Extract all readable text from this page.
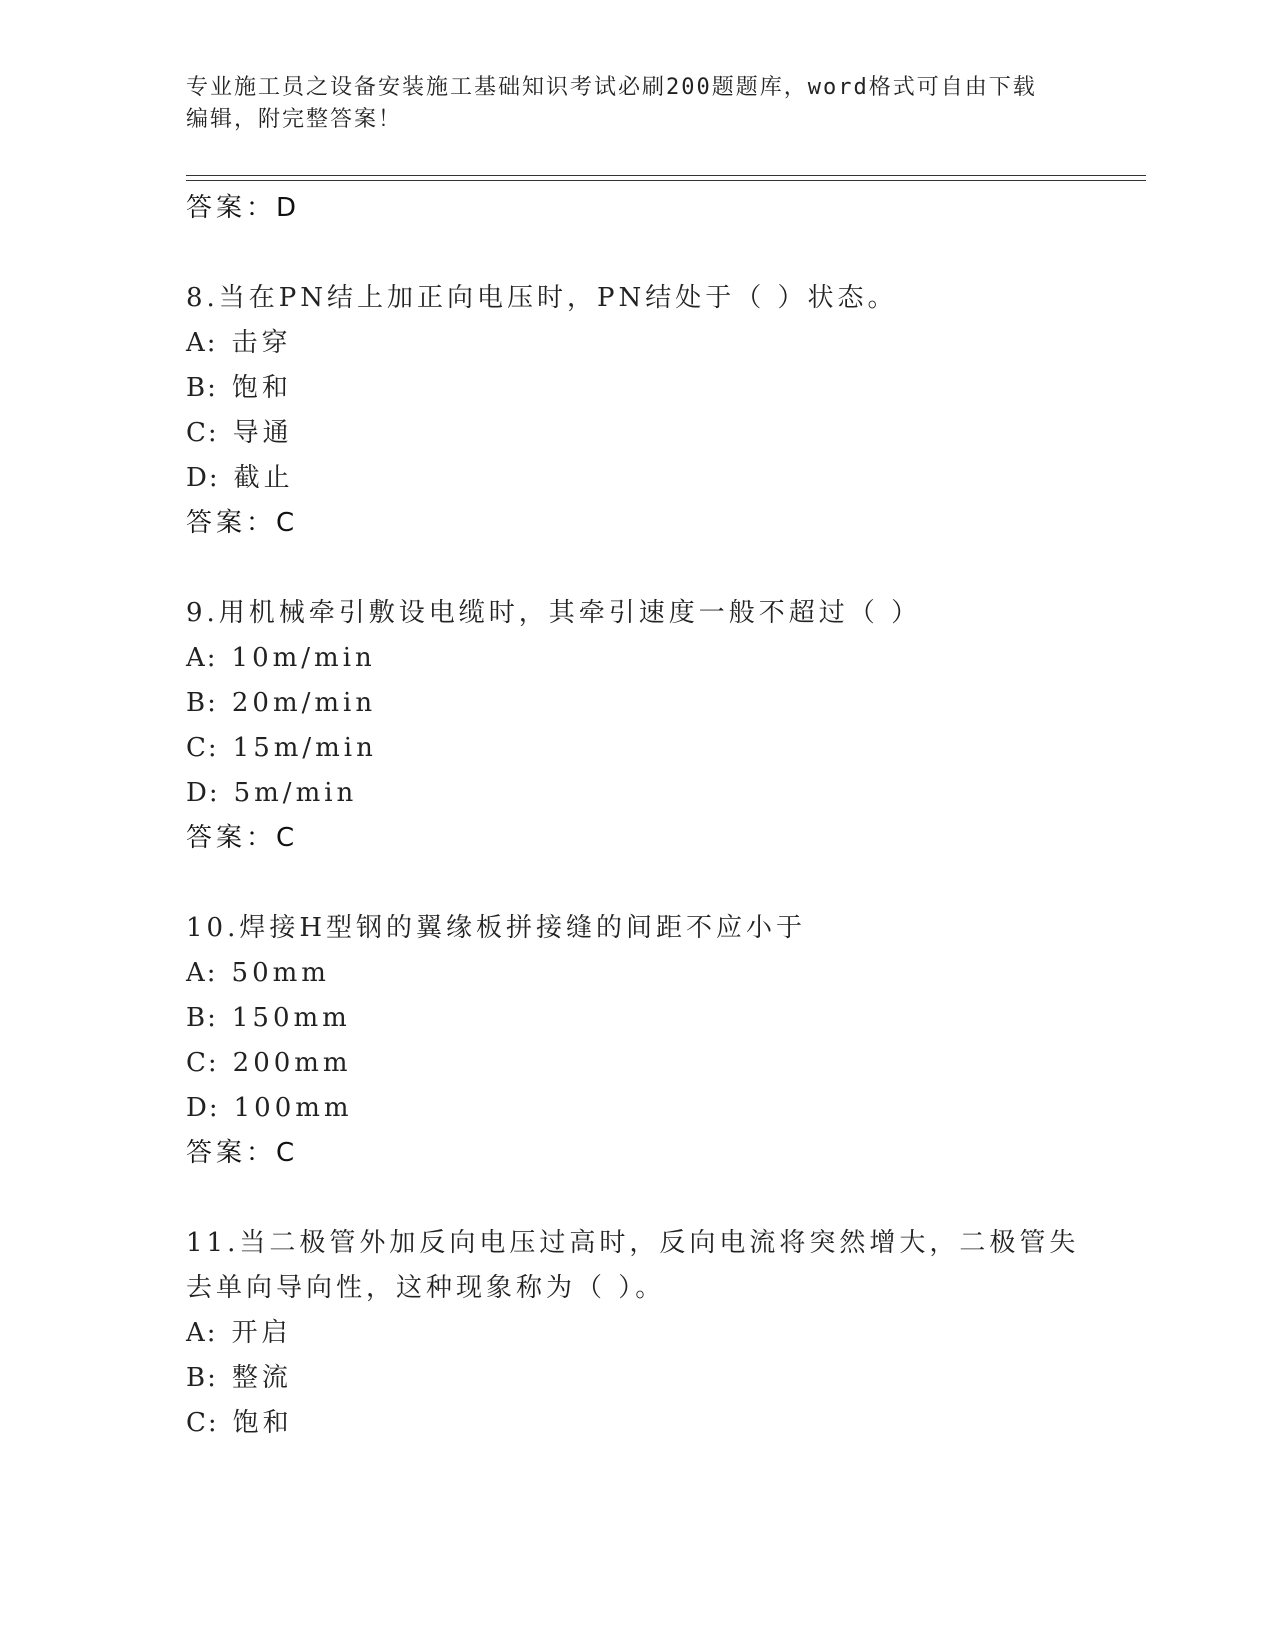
专业施工员之设备安装施工基础知识考试必刷200题题库，word格式可自由下载
编辑，附完整答案！
答案：D
8.当在PN结上加正向电压时，PN结处于（ ）状态。
A: 击穿
B: 饱和
C: 导通
D: 截止
答案：C
9.用机械牵引敷设电缆时，其牵引速度一般不超过（ ）
A: 10m/min
B: 20m/min
C: 15m/min
D: 5m/min
答案：C
10.焊接H型钢的翼缘板拼接缝的间距不应小于
A: 50mm
B: 150mm
C: 200mm
D: 100mm
答案：C
11.当二极管外加反向电压过高时，反向电流将突然增大，二极管失去单向导向性，这种现象称为（ ）。
A: 开启
B: 整流
C: 饱和
